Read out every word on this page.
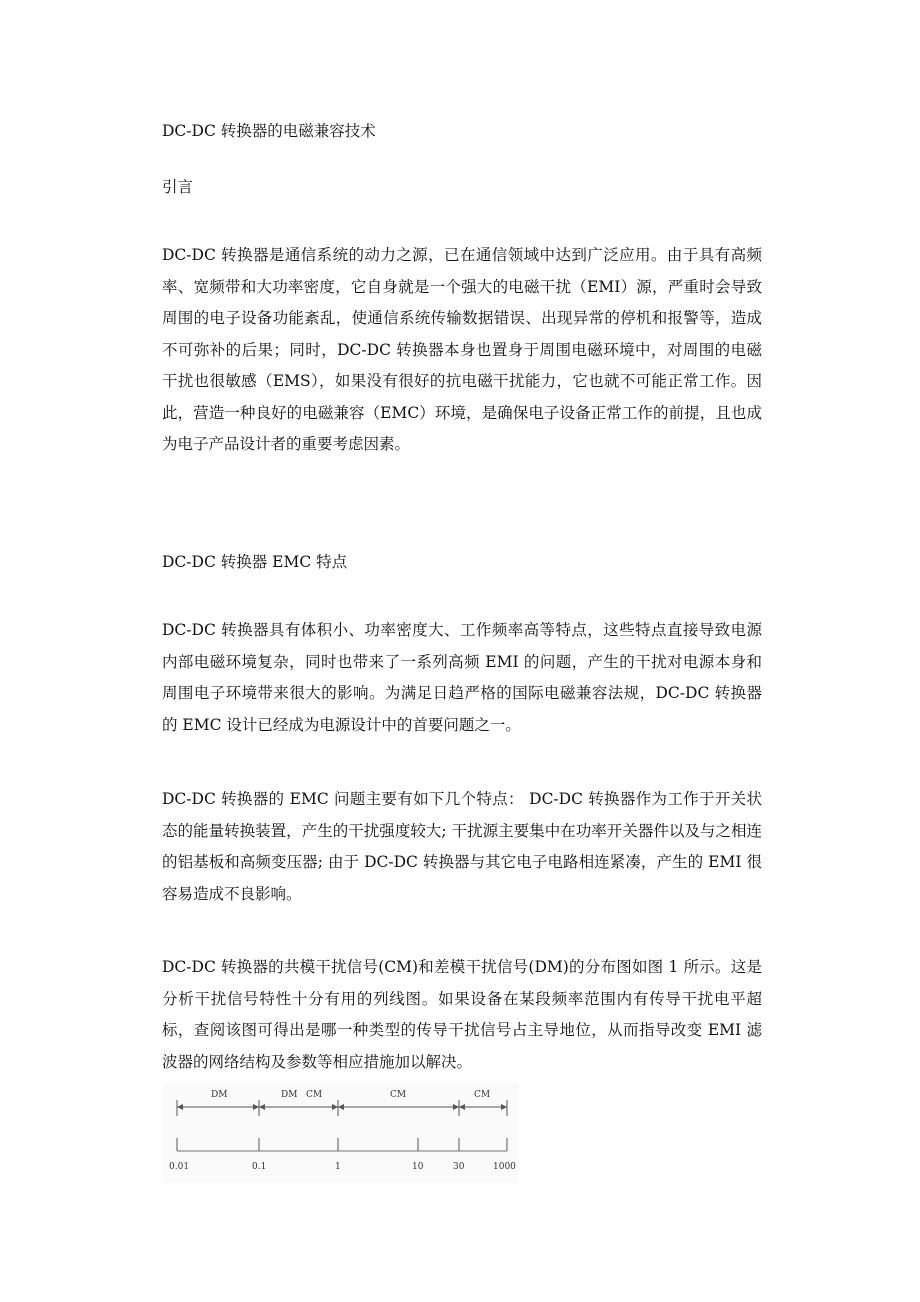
DC-DC 转换器的电磁兼容技术
引言
DC-DC 转换器是通信系统的动力之源，已在通信领域中达到广泛应用。由于具有高频率、宽频带和大功率密度，它自身就是一个强大的电磁干扰（EMI）源，严重时会导致周围的电子设备功能紊乱，使通信系统传输数据错误、出现异常的停机和报警等，造成不可弥补的后果；同时，DC-DC 转换器本身也置身于周围电磁环境中，对周围的电磁干扰也很敏感（EMS），如果没有很好的抗电磁干扰能力，它也就不可能正常工作。因此，营造一种良好的电磁兼容（EMC）环境，是确保电子设备正常工作的前提，且也成为电子产品设计者的重要考虑因素。
DC-DC 转换器 EMC 特点
DC-DC 转换器具有体积小、功率密度大、工作频率高等特点，这些特点直接导致电源内部电磁环境复杂，同时也带来了一系列高频 EMI 的问题，产生的干扰对电源本身和周围电子环境带来很大的影响。为满足日趋严格的国际电磁兼容法规，DC-DC 转换器的 EMC 设计已经成为电源设计中的首要问题之一。
DC-DC 转换器的 EMC 问题主要有如下几个特点： DC-DC 转换器作为工作于开关状态的能量转换装置，产生的干扰强度较大; 干扰源主要集中在功率开关器件以及与之相连的铝基板和高频变压器; 由于 DC-DC 转换器与其它电子电路相连紧凑，产生的 EMI 很容易造成不良影响。
DC-DC 转换器的共模干扰信号(CM)和差模干扰信号(DM)的分布图如图 1 所示。这是分析干扰信号特性十分有用的列线图。如果设备在某段频率范围内有传导干扰电平超标，查阅该图可得出是哪一种类型的传导干扰信号占主导地位，从而指导改变 EMI 滤波器的网络结构及参数等相应措施加以解决。
DM	DM   CM	CM	CM
0.01	0.1	1	10	30	1000
